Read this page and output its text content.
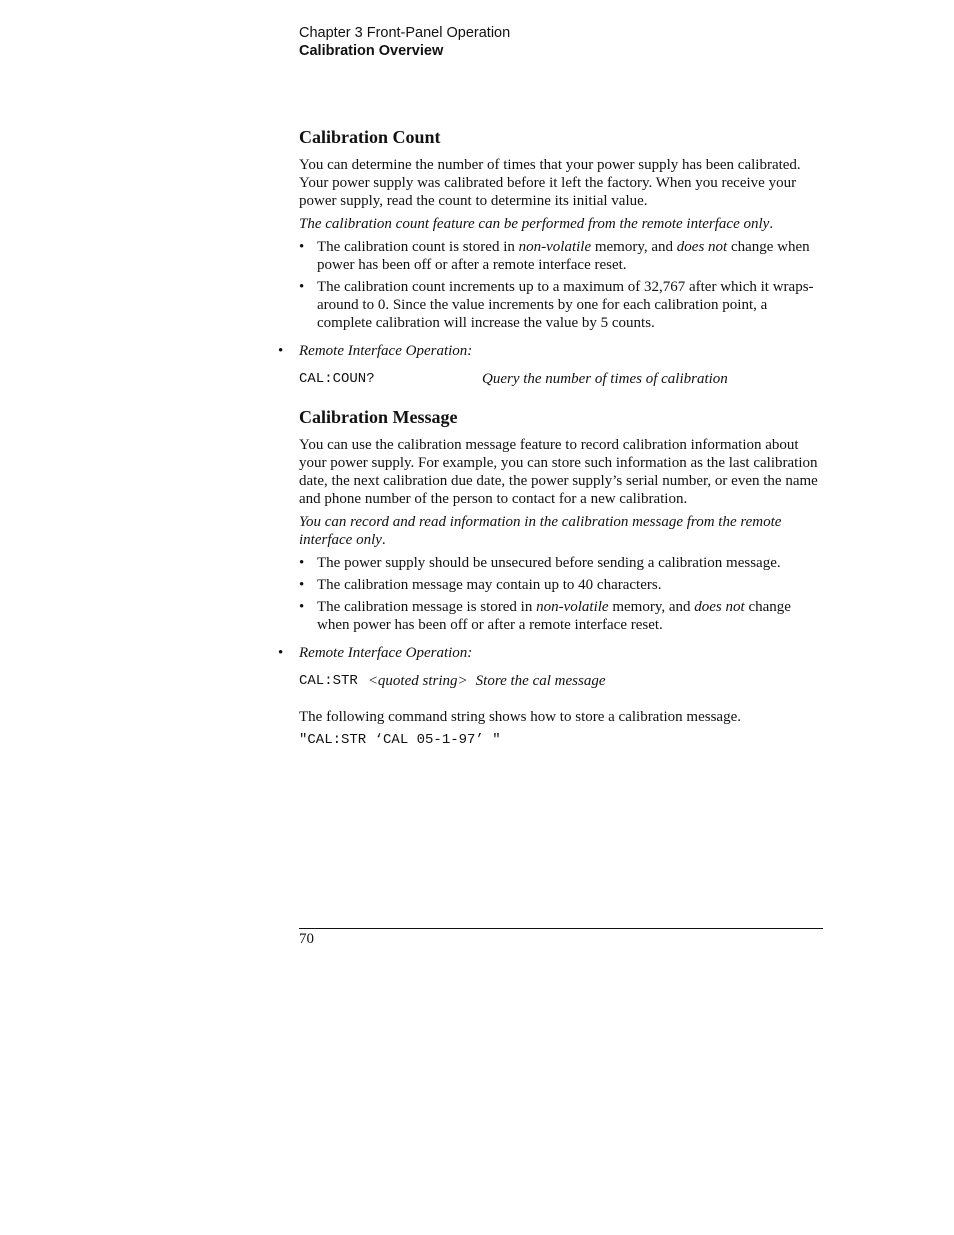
Chapter 3 Front-Panel Operation
Calibration Overview
Calibration Count

You can determine the number of times that your power supply has been calibrated. Your power supply was calibrated before it left the factory. When you receive your power supply, read the count to determine its initial value.

The calibration count feature can be performed from the remote interface only.

• The calibration count is stored in non-volatile memory, and does not change when power has been off or after a remote interface reset.
• The calibration count increments up to a maximum of 32,767 after which it wraps-around to 0. Since the value increments by one for each calibration point, a complete calibration will increase the value by 5 counts.
• Remote Interface Operation:
CAL:COUN?	Query the number of times of calibration
Calibration Message

You can use the calibration message feature to record calibration information about your power supply. For example, you can store such information as the last calibration date, the next calibration due date, the power supply’s serial number, or even the name and phone number of the person to contact for a new calibration.

You can record and read information in the calibration message from the remote interface only.

• The power supply should be unsecured before sending a calibration message.
• The calibration message may contain up to 40 characters.
• The calibration message is stored in non-volatile memory, and does not change when power has been off or after a remote interface reset.
• Remote Interface Operation:
CAL:STR <quoted string> Store the cal message

The following command string shows how to store a calibration message.

"CAL:STR ‘CAL 05-1-97’ "

70
